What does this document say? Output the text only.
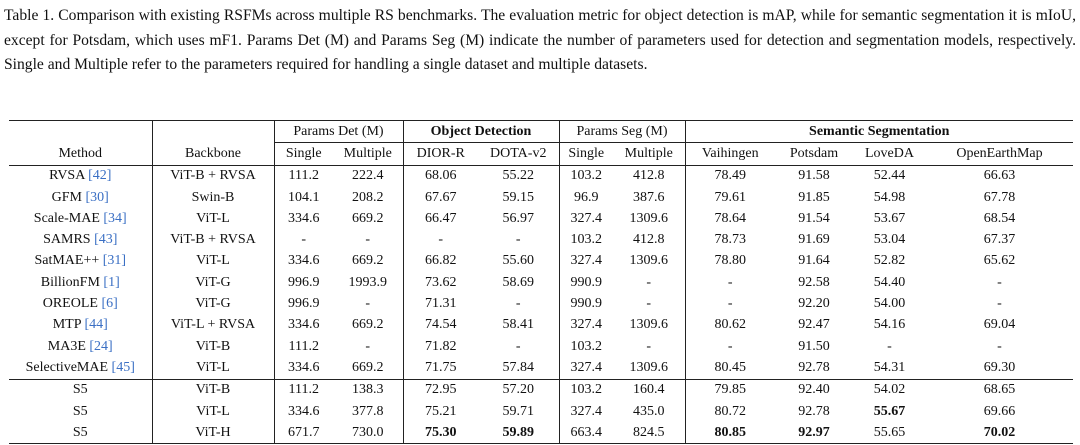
Table 1. Comparison with existing RSFMs across multiple RS benchmarks. The evaluation metric for object detection is mAP, while for semantic segmentation it is mIoU, except for Potsdam, which uses mF1. Params Det (M) and Params Seg (M) indicate the number of parameters used for detection and segmentation models, respectively. Single and Multiple refer to the parameters required for handling a single dataset and multiple datasets.
		Params Det (M)		Object Detection		Params Seg (M)		Semantic Segmentation			
Method	Backbone	Single	Multiple	DIOR-R	DOTA-v2	Single	Multiple	Vaihingen	Potsdam	LoveDA	OpenEarthMap
RVSA [42]	ViT-B + RVSA	111.2	222.4	68.06	55.22	103.2	412.8	78.49	91.58	52.44	66.63
GFM [30]	Swin-B	104.1	208.2	67.67	59.15	96.9	387.6	79.61	91.85	54.98	67.78
Scale-MAE [34]	ViT-L	334.6	669.2	66.47	56.97	327.4	1309.6	78.64	91.54	53.67	68.54
SAMRS [43]	ViT-B + RVSA	-	-	-	-	103.2	412.8	78.73	91.69	53.04	67.37
SatMAE++ [31]	ViT-L	334.6	669.2	66.82	55.60	327.4	1309.6	78.80	91.64	52.82	65.62
BillionFM [1]	ViT-G	996.9	1993.9	73.62	58.69	990.9	-	-	92.58	54.40	-
OREOLE [6]	ViT-G	996.9	-	71.31	-	990.9	-	-	92.20	54.00	-
MTP [44]	ViT-L + RVSA	334.6	669.2	74.54	58.41	327.4	1309.6	80.62	92.47	54.16	69.04
MA3E [24]	ViT-B	111.2	-	71.82	-	103.2	-	-	91.50	-	-
SelectiveMAE [45]	ViT-L	334.6	669.2	71.75	57.84	327.4	1309.6	80.45	92.78	54.31	69.30
S5	ViT-B	111.2	138.3	72.95	57.20	103.2	160.4	79.85	92.40	54.02	68.65
S5	ViT-L	334.6	377.8	75.21	59.71	327.4	435.0	80.72	92.78	55.67	69.66
S5	ViT-H	671.7	730.0	75.30	59.89	663.4	824.5	80.85	92.97	55.65	70.02
